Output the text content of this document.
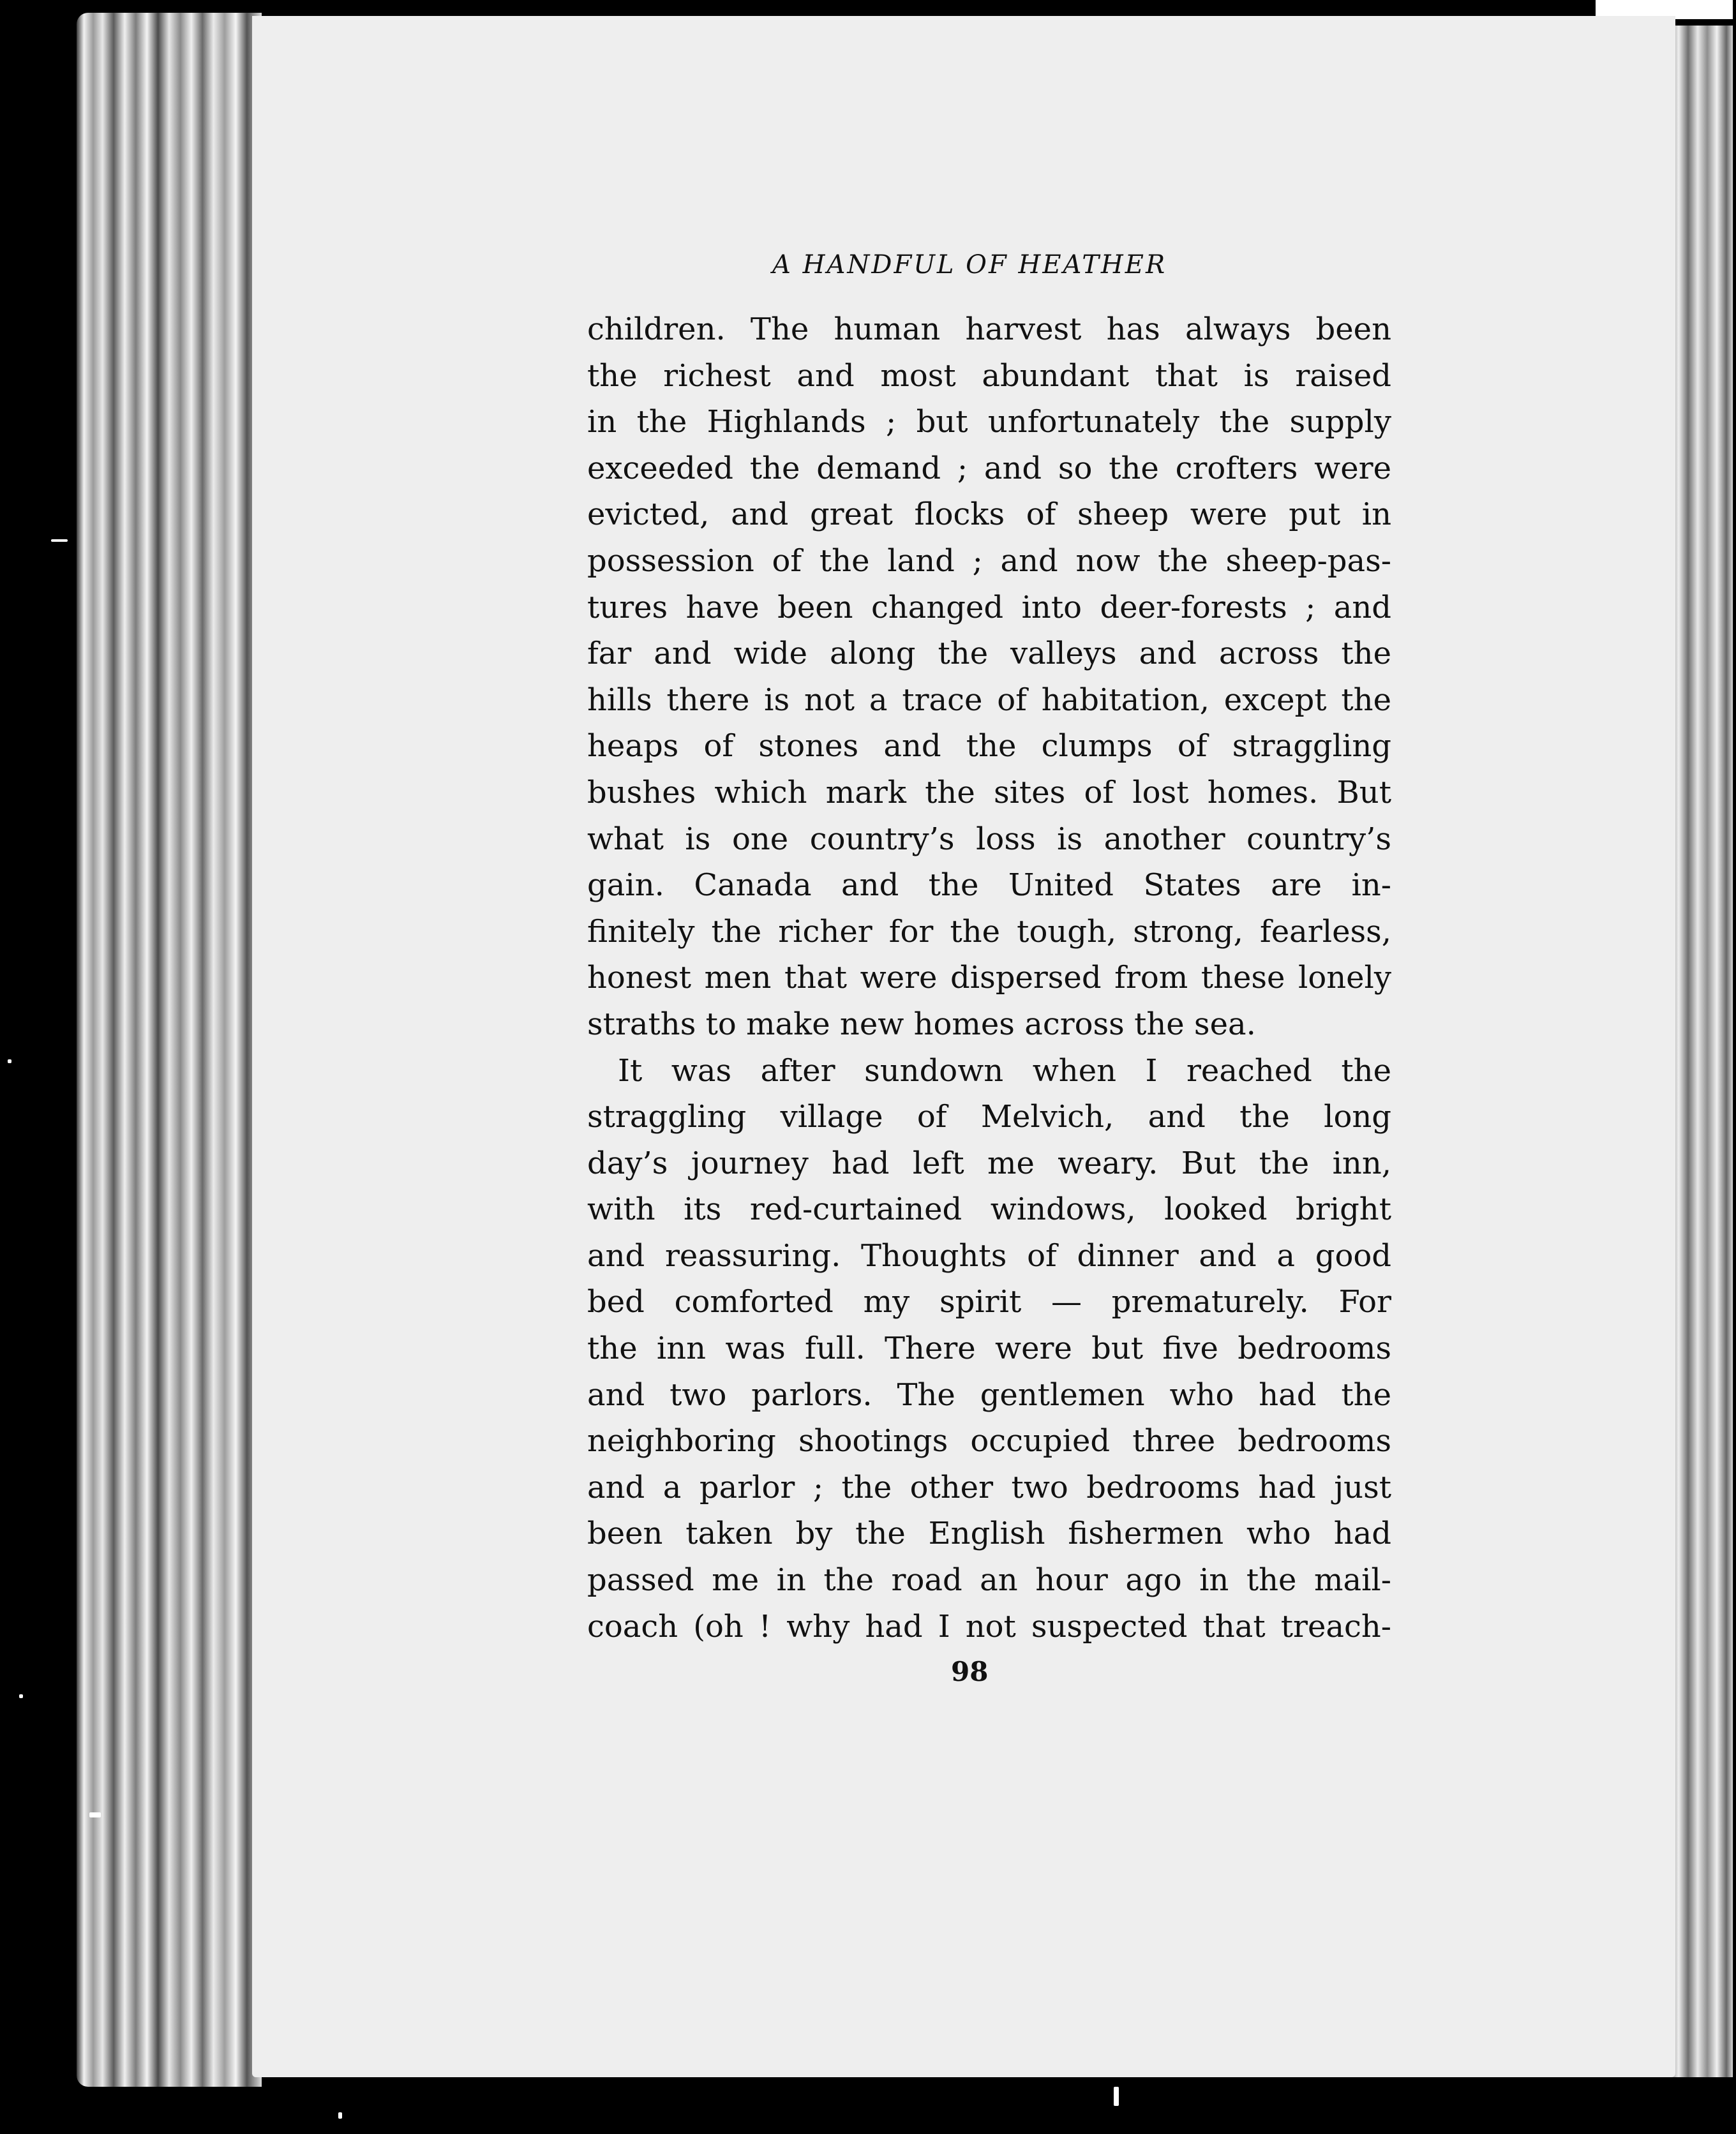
A HANDFUL OF HEATHER
children. The human harvest has always been
the richest and most abundant that is raised
in the Highlands ; but unfortunately the supply
exceeded the demand ; and so the crofters were
evicted, and great flocks of sheep were put in
possession of the land ; and now the sheep-pas-
tures have been changed into deer-forests ; and
far and wide along the valleys and across the
hills there is not a trace of habitation, except the
heaps of stones and the clumps of straggling
bushes which mark the sites of lost homes. But
what is one country’s loss is another country’s
gain. Canada and the United States are in-
finitely the richer for the tough, strong, fearless,
honest men that were dispersed from these lonely
straths to make new homes across the sea.
It was after sundown when I reached the
straggling village of Melvich, and the long
day’s journey had left me weary. But the inn,
with its red-curtained windows, looked bright
and reassuring. Thoughts of dinner and a good
bed comforted my spirit — prematurely. For
the inn was full. There were but five bedrooms
and two parlors. The gentlemen who had the
neighboring shootings occupied three bedrooms
and a parlor ; the other two bedrooms had just
been taken by the English fishermen who had
passed me in the road an hour ago in the mail-
coach (oh ! why had I not suspected that treach-
98
